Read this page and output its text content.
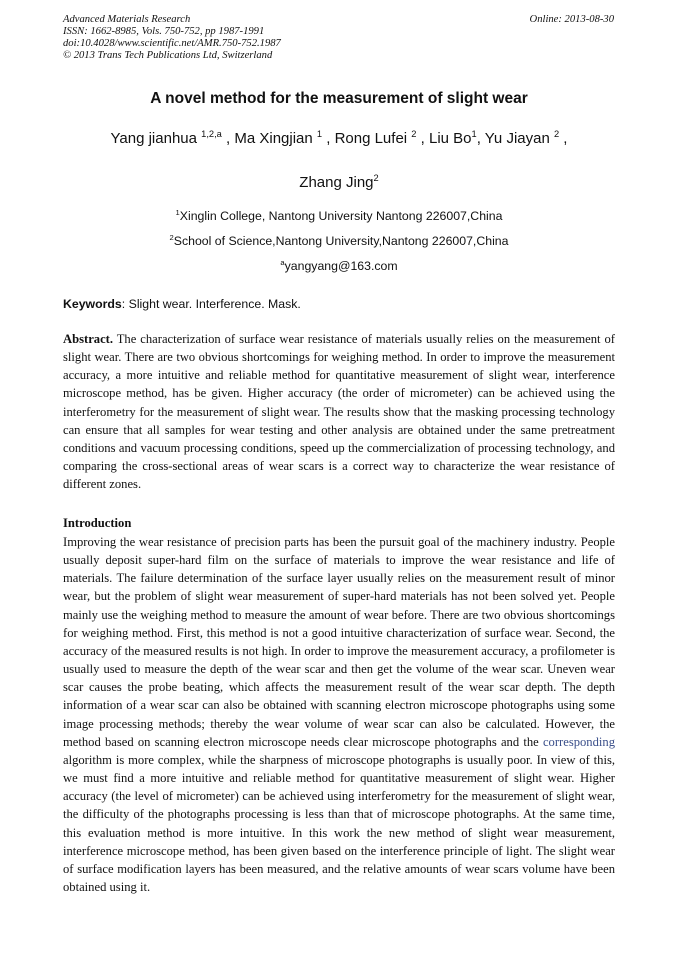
Advanced Materials Research
ISSN: 1662-8985, Vols. 750-752, pp 1987-1991
doi:10.4028/www.scientific.net/AMR.750-752.1987
© 2013 Trans Tech Publications Ltd, Switzerland
Online: 2013-08-30
A novel method for the measurement of slight wear
Yang jianhua $^{1,2,a}$ , Ma Xingjian $^1$ , Rong Lufei $^2$ , Liu Bo$^1$, Yu Jiayan $^2$ ,
Zhang Jing$^2$
$^1$Xinglin College, Nantong University Nantong 226007,China
$^2$School of Science,Nantong University,Nantong 226007,China
$^a$yangyang@163.com
Keywords: Slight wear. Interference. Mask.
Abstract. The characterization of surface wear resistance of materials usually relies on the measurement of slight wear. There are two obvious shortcomings for weighing method. In order to improve the measurement accuracy, a more intuitive and reliable method for quantitative measurement of slight wear, interference microscope method, has be given. Higher accuracy (the order of micrometer) can be achieved using the interferometry for the measurement of slight wear. The results show that the masking processing technology can ensure that all samples for wear testing and other analysis are obtained under the same pretreatment conditions and vacuum processing conditions, speed up the commercialization of processing technology, and comparing the cross-sectional areas of wear scars is a correct way to characterize the wear resistance of different zones.
Introduction
Improving the wear resistance of precision parts has been the pursuit goal of the machinery industry. People usually deposit super-hard film on the surface of materials to improve the wear resistance and life of materials. The failure determination of the surface layer usually relies on the measurement result of minor wear, but the problem of slight wear measurement of super-hard materials has not been solved yet. People mainly use the weighing method to measure the amount of wear before. There are two obvious shortcomings for weighing method. First, this method is not a good intuitive characterization of surface wear. Second, the accuracy of the measured results is not high. In order to improve the measurement accuracy, a profilometer is usually used to measure the depth of the wear scar and then get the volume of the wear scar. Uneven wear scar causes the probe beating, which affects the measurement result of the wear scar depth. The depth information of a wear scar can also be obtained with scanning electron microscope photographs using some image processing methods; thereby the wear volume of wear scar can also be calculated. However, the method based on scanning electron microscope needs clear microscope photographs and the corresponding algorithm is more complex, while the sharpness of microscope photographs is usually poor. In view of this, we must find a more intuitive and reliable method for quantitative measurement of slight wear. Higher accuracy (the level of micrometer) can be achieved using interferometry for the measurement of slight wear, the difficulty of the photographs processing is less than that of microscope photographs. At the same time, this evaluation method is more intuitive. In this work the new method of slight wear measurement, interference microscope method, has been given based on the interference principle of light. The slight wear of surface modification layers has been measured, and the relative amounts of wear scars volume have been obtained using it.
